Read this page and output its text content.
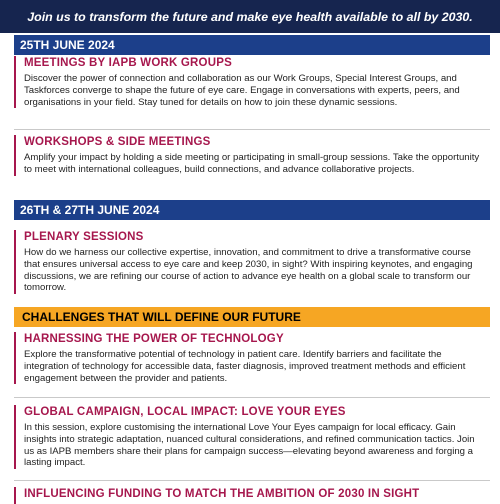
Join us to transform the future and make eye health available to all by 2030.
25TH JUNE 2024
MEETINGS BY IAPB WORK GROUPS

Discover the power of connection and collaboration as our Work Groups, Special Interest Groups, and Taskforces converge to shape the future of eye care. Engage in conversations with experts, peers, and organisations in your field. Stay tuned for details on how to join these dynamic sessions.

WORKSHOPS & SIDE MEETINGS

Amplify your impact by holding a side meeting or participating in small-group sessions. Take the opportunity to meet with international colleagues, build connections, and advance collaborative projects.

26TH & 27TH JUNE 2024
PLENARY SESSIONS

How do we harness our collective expertise, innovation, and commitment to drive a transformative course that ensures universal access to eye care and keep 2030, in sight? With inspiring keynotes, and engaging discussions, we are refining our course of action to advance eye health on a global scale to transform our tomorrow.

CHALLENGES THAT WILL DEFINE OUR FUTURE
HARNESSING THE POWER OF TECHNOLOGY

Explore the transformative potential of technology in patient care. Identify barriers and facilitate the integration of technology for accessible data, faster diagnosis, improved treatment methods and efficient engagement between the provider and patients.

GLOBAL CAMPAIGN, LOCAL IMPACT: LOVE YOUR EYES

In this session, explore customising the international Love Your Eyes campaign for local efficacy. Gain insights into strategic adaptation, nuanced cultural considerations, and refined communication tactics. Join us as IAPB members share their plans for campaign success—elevating beyond awareness and forging a lasting impact.

INFLUENCING FUNDING TO MATCH THE AMBITION OF 2030 IN SIGHT
